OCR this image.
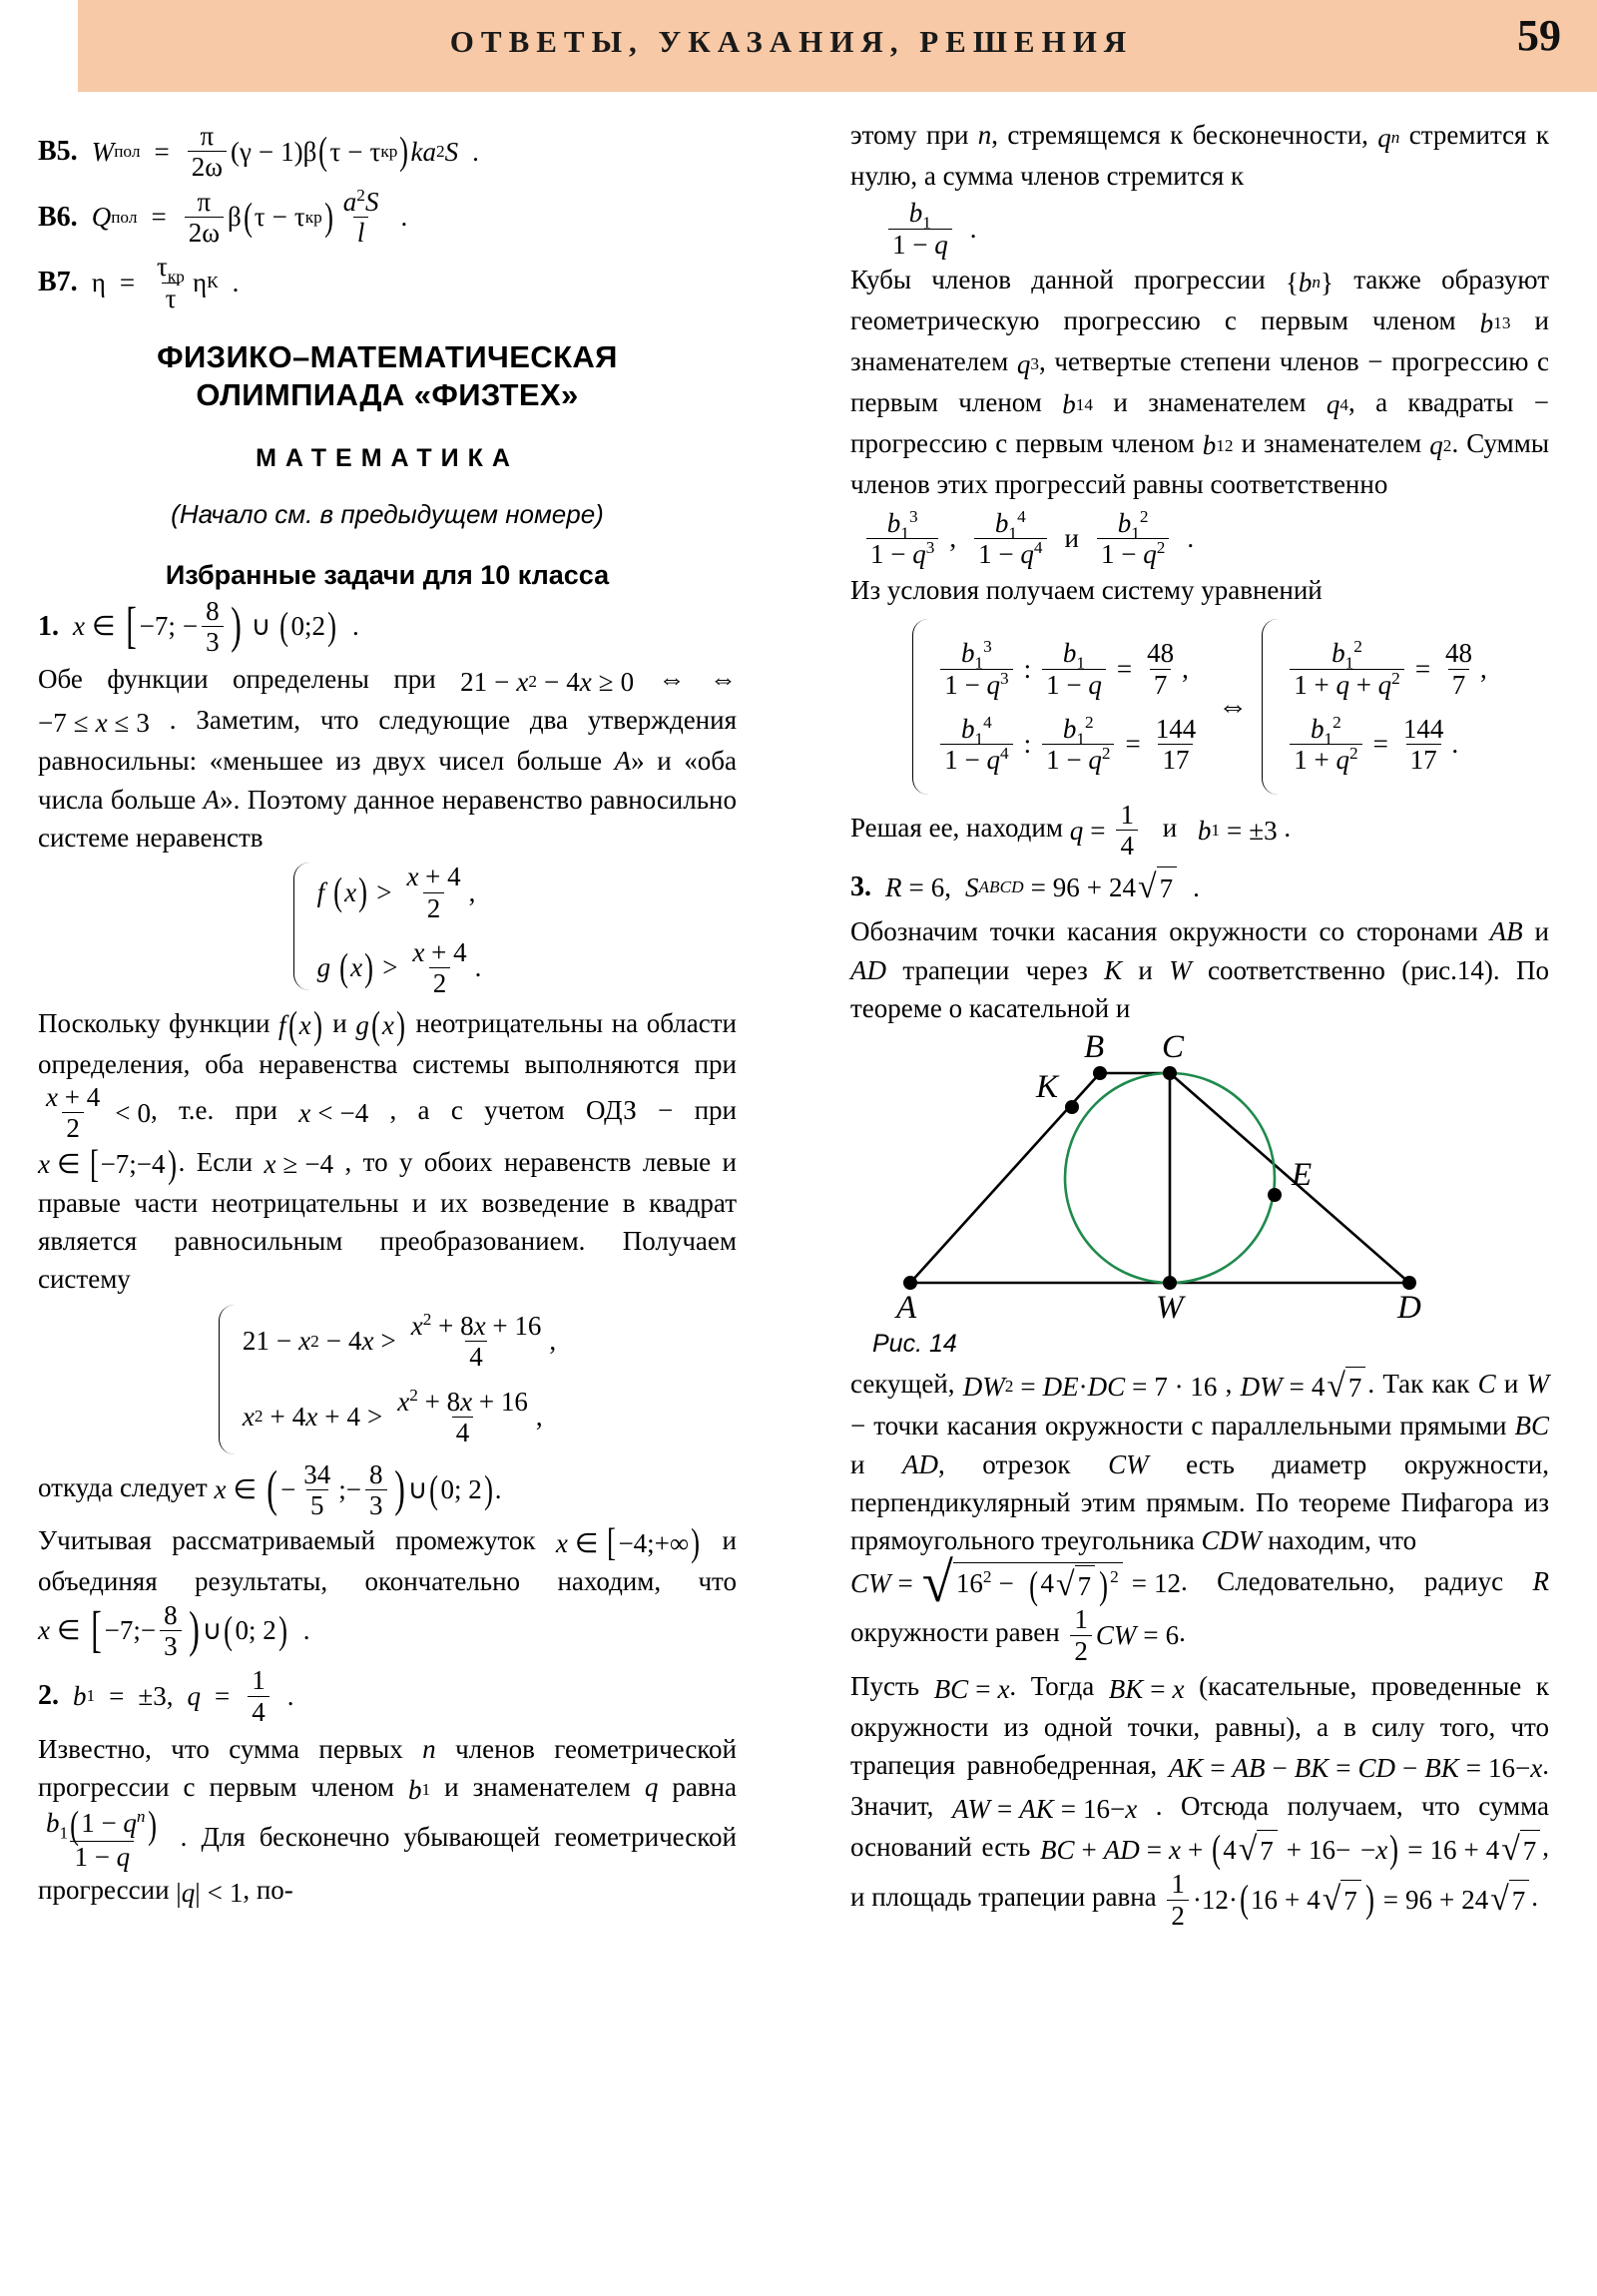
ОТВЕТЫ, УКАЗАНИЯ, РЕШЕНИЯ	59
B5. W пол = $\frac{\pi}{2\omega}$ ( γ − 1 ) β ( τ − τ кр ) ka 2 S .
B6. Q пол = $\frac{\pi}{2\omega}$ β ( τ − τ кр ) $\frac{a^2S}{l}$ .
B7. $\eta = \frac{\tau_{кр}}{\tau}$ η К .
ФИЗИКО–МАТЕМАТИЧЕСКАЯ
ОЛИМПИАДА «ФИЗТЕХ»
МАТЕМАТИКА
(Начало см. в предыдущем номере)
Избранные задачи для 10 класса
1. x ∈ [ −7; − $\frac{8}{3}$ ) ∪ ( 0;2 ) .
Обе функции определены при 21 − x 2 − 4 x ≥ 0 ⇔ ⇔
−7 ≤ x ≤ 3 . Заметим, что следующие два утверждения равносильны: «меньшее из двух чисел больше A» и «оба числа больше A». Поэтому данное неравенство равносильно системе неравенств
f ( x ) > $\frac{x + 4}{2}$ ,
g ( x ) > $\frac{x + 4}{2}$ .
Поскольку функции f ( x ) и g ( x ) неотрицательны на области определения, оба неравенства системы выполняются при
$\frac{x + 4}{2} < 0$ , т.е. при x < −4 , а с учетом ОДЗ − при
x ∈ [ −7;−4 ) . Если x ≥ −4 , то у обоих неравенств левые и правые части неотрицательны и их возведение в квадрат является равносильным преобразованием. Получаем систему
21 − x 2 − 4 $x > \frac{x^2 + 8x + 16}{4}$ ,
x 2 + 4 $x + 4 > \frac{x^2 + 8x + 16}{4}$ ,
откуда следует x ∈ ( − $\frac{34}{5}$ ;− $\frac{8}{3}$ ) ∪ ( 0; 2 ) .
Учитывая рассматриваемый промежуток x ∈ [ −4;+∞ ) и объединяя результаты, окончательно находим, что
x ∈ [ −7; − $\frac{8}{3}$ ) ∪ ( 0; 2 ) .
2. b 1 = ±3, $q = \frac{1}{4}$ .
Известно, что сумма первых n членов геометрической прогрессии с первым членом b 1 и знаменателем q равна
$\frac{b_1(1 - q^n)}{1 - q}$ . Для бесконечно убывающей геометрической прогрессии | q | < 1 , по-
этому при n, стремящемся к бесконечности, q n стремится к нулю, а сумма членов стремится к
$\frac{b_1}{1 - q}$ .
Кубы членов данной прогрессии { b n } также образуют геометрическую прогрессию с первым членом b 1 3 и знаменателем q 3 , четвертые степени членов − прогрессию с первым членом b 1 4 и знаменателем q 4 , а квадраты − прогрессию с первым членом b 1 2 и знаменателем q 2 . Суммы членов этих прогрессий равны соответственно
$\frac{b_1^3}{1 - q^3}$ , $\frac{b_1^4}{1 - q^4}$ и $\frac{b_1^2}{1 - q^2}$ .
Из условия получаем систему уравнений
$\frac{b_1^3}{1 - q^3}$ : $\frac{b_1}{1 - q} = \frac{48}{7}$ ,
$\frac{b_1^4}{1 - q^4}$ : $\frac{b_1^2}{1 - q^2} = \frac{144}{17}$
⇔
$\frac{b_1^2}{1 + q + q^2} = \frac{48}{7}$ ,
$\frac{b_1^2}{1 + q^2} = \frac{144}{17}$ .
Решая ее, находим $q = \frac{1}{4}$ и b 1 = ±3 .
3. R = 6, S ABCD = 96 + 24 √ 7 .
Обозначим точки касания окружности со сторонами AB и AD трапеции через K и W соответственно (рис.14). По теореме о касательной и
B C
K
E
A	W	D
Рис. 14
секущей, DW 2 = DE · DC = 7 · 16 , DW = 4 √ 7 . Так как C и W − точки касания окружности с параллельными прямыми BC и AD, отрезок CW есть диаметр окружности, перпендикулярный этим прямым. По теореме Пифагора из прямоугольного треугольника CDW находим, что
CW = √ $16^2 - (4$ √ 7 ) $^2$ = 12 . Следовательно, радиус R окружности равен $\frac{1}{2}$ CW = 6 .
Пусть BC = x . Тогда BK = x (касательные, проведенные к окружности из одной точки, равны), а в силу того, что трапеция равнобедренная, AK = AB − BK = CD − BK = 16 − x . Значит, AW = AK = 16 − x . Отсюда получаем, что сумма оснований есть BC + AD = x + ( 4 √ 7 + 16 − − x ) = 16 + 4 √ 7 , и площадь трапеции равна $\frac{1}{2} \cdot 12$ · ( 16 + 4 √ 7 ) = 96 + 24 √ 7 .
